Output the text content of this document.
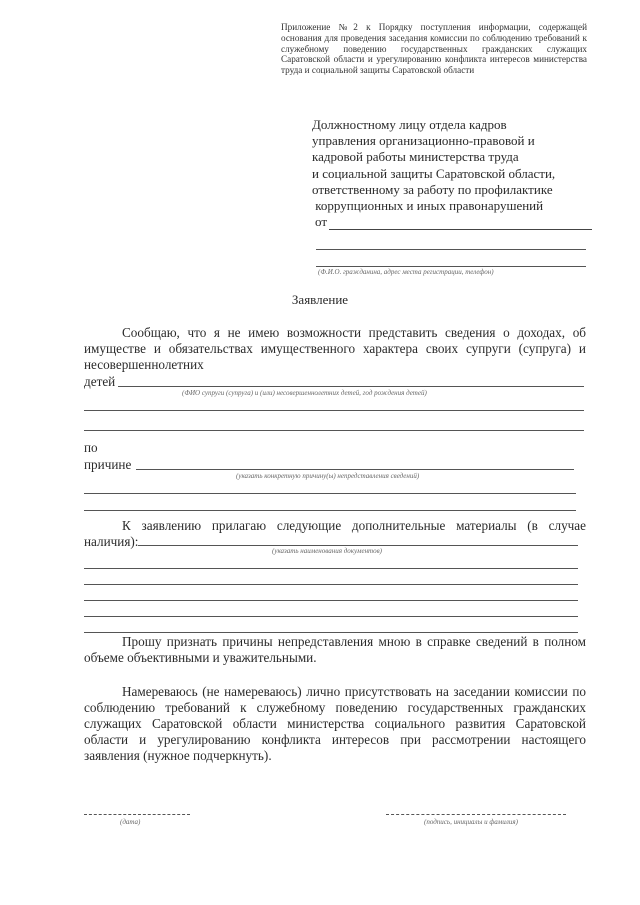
Приложение №2 к Порядку поступления информации, содержащей основания для проведения заседания комиссии по соблюдению требований к служебному поведению государственных гражданских служащих Саратовской области и урегулированию конфликта интересов министерства труда и социальной защиты Саратовской области
Должностному лицу отдела кадров
управления организационно-правовой и
кадровой работы министерства труда
и социальной защиты Саратовской области,
ответственному за работу по профилактике
коррупционных и иных правонарушений
от
(Ф.И.О. гражданина, адрес места регистрации, телефон)
Заявление
Сообщаю, что я не имею возможности представить сведения о доходах, об имуществе и обязательствах имущественного характера своих супруги (супруга) и несовершеннолетних
детей
(ФИО супруги (супруга) и (или) несовершеннолетних детей, год рождения детей)
по
причине
(указать конкретную причину(ы) непредставления сведений)
К заявлению прилагаю следующие дополнительные материалы (в случае наличия):
(указать наименования документов)
Прошу признать причины непредставления мною в справке сведений в полном объеме объективными и уважительными.
Намереваюсь (не намереваюсь) лично присутствовать на заседании комиссии по соблюдению требований к служебному поведению государственных гражданских служащих Саратовской области министерства социального развития Саратовской области и урегулированию конфликта интересов при рассмотрении настоящего заявления (нужное подчеркнуть).
(дата)	(подпись, инициалы и фамилия)
